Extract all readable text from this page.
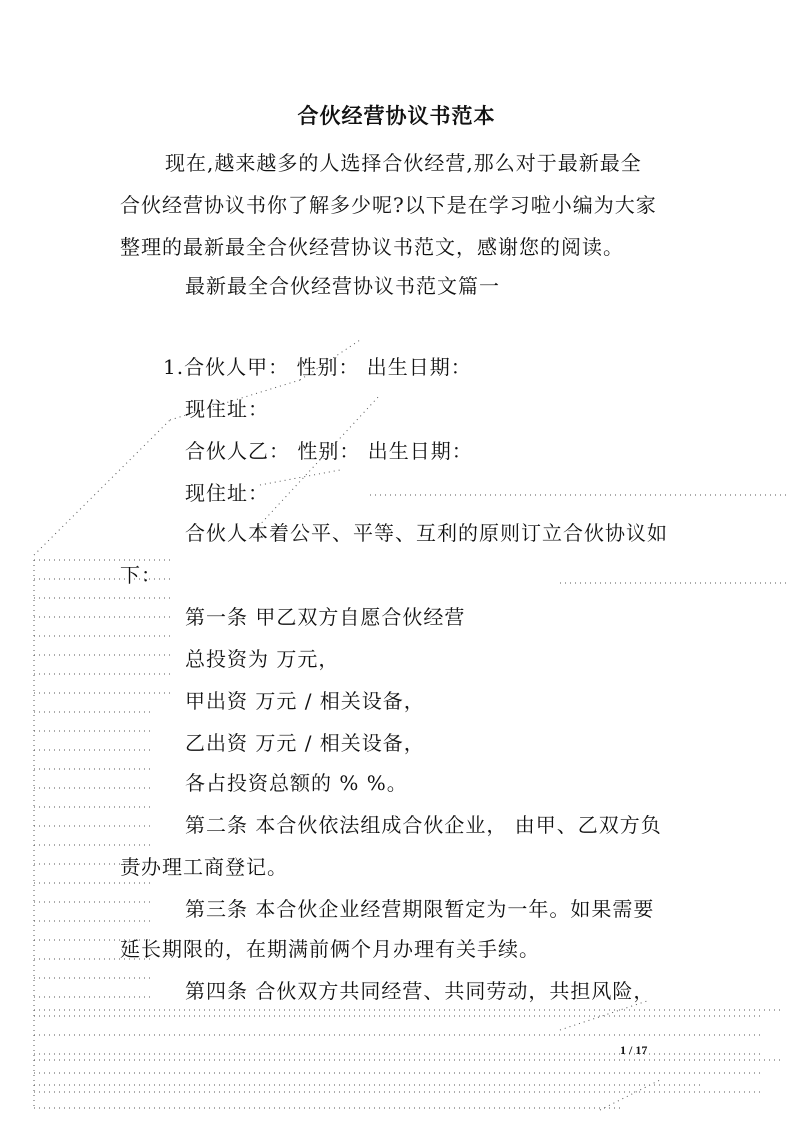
合伙经营协议书范本
现在,越来越多的人选择合伙经营,那么对于最新最全
合伙经营协议书你了解多少呢?以下是在学习啦小编为大家
整理的最新最全合伙经营协议书范文，感谢您的阅读。
最新最全合伙经营协议书范文篇一
1.合伙人甲： 性别： 出生日期：
现住址：
合伙人乙： 性别： 出生日期：
现住址：
合伙人本着公平、平等、互利的原则订立合伙协议如
下：
第一条 甲乙双方自愿合伙经营
总投资为 万元，
甲出资 万元 / 相关设备，
乙出资 万元 / 相关设备，
各占投资总额的 % %。
第二条 本合伙依法组成合伙企业， 由甲、乙双方负
责办理工商登记。
第三条 本合伙企业经营期限暂定为一年。如果需要
延长期限的，在期满前俩个月办理有关手续。
第四条 合伙双方共同经营、共同劳动，共担风险，
1 / 17
